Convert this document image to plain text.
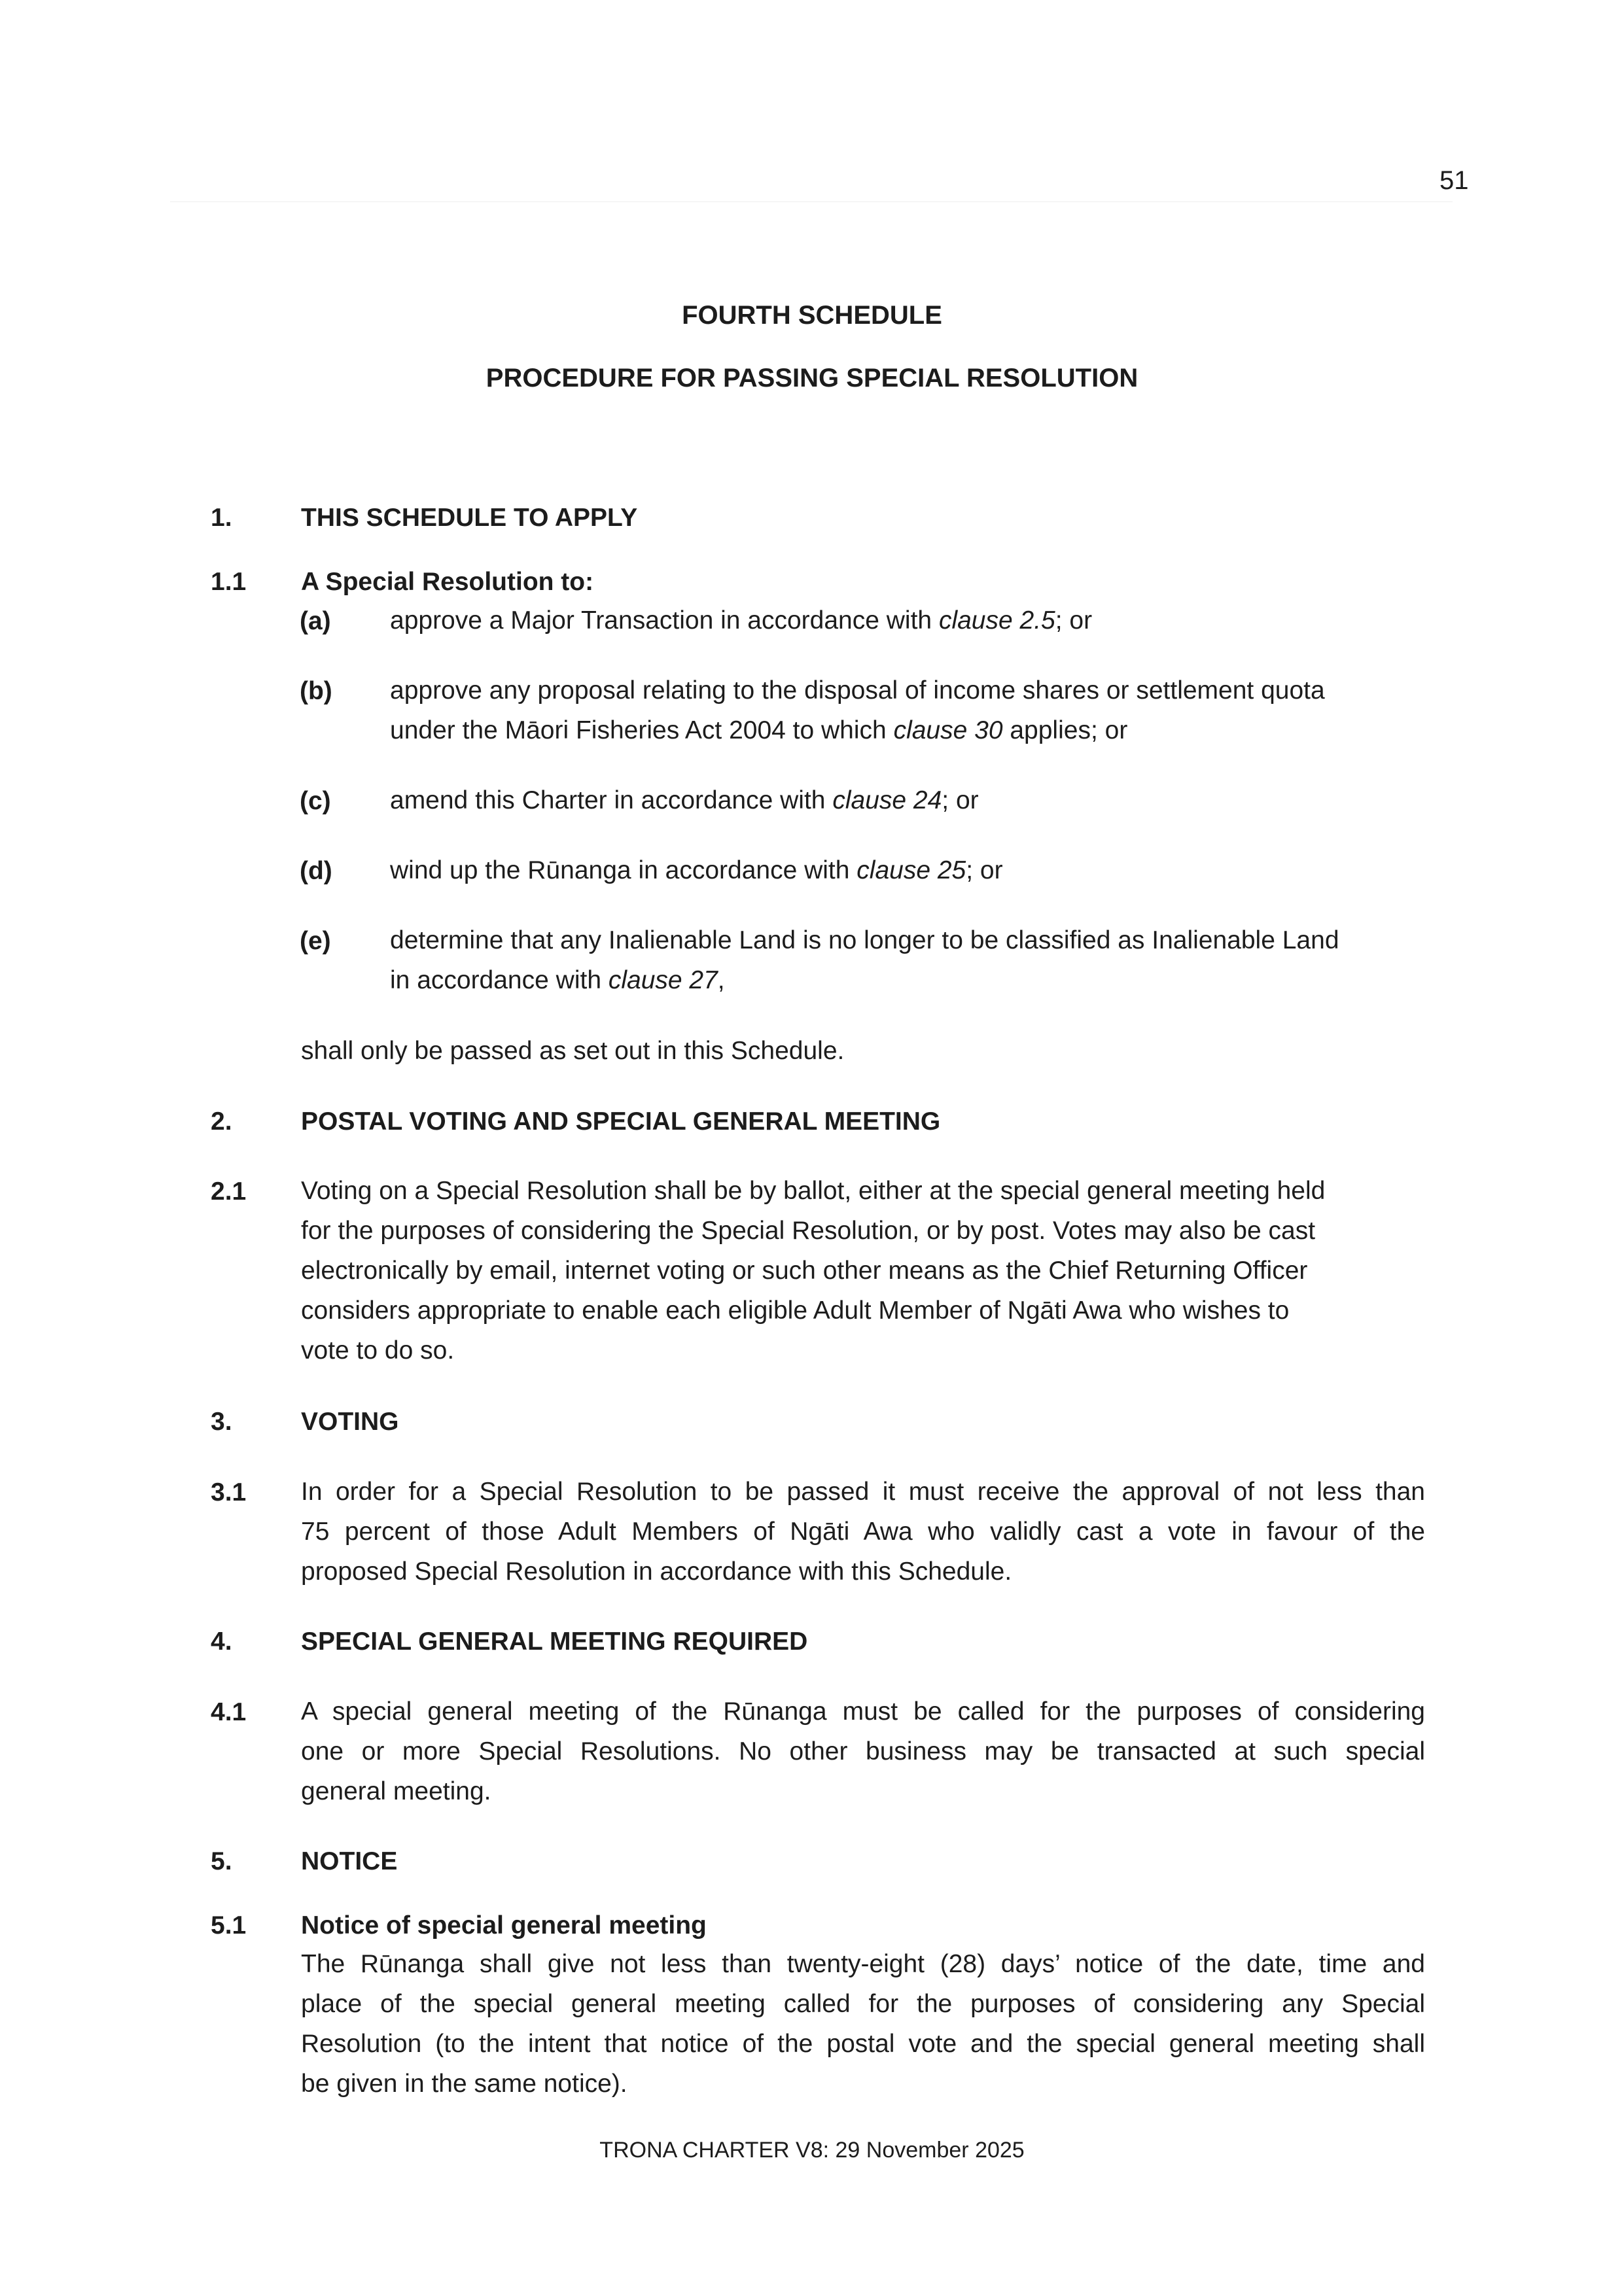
51
FOURTH SCHEDULE
PROCEDURE FOR PASSING SPECIAL RESOLUTION
1.	THIS SCHEDULE TO APPLY
1.1 A Special Resolution to:
(a) approve a Major Transaction in accordance with clause 2.5; or
(b) approve any proposal relating to the disposal of income shares or settlement quota
under the Māori Fisheries Act 2004 to which clause 30 applies; or
(c) amend this Charter in accordance with clause 24; or
(d) wind up the Rūnanga in accordance with clause 25; or
(e) determine that any Inalienable Land is no longer to be classified as Inalienable Land
in accordance with clause 27,
shall only be passed as set out in this Schedule.
2.	POSTAL VOTING AND SPECIAL GENERAL MEETING
2.1 Voting on a Special Resolution shall be by ballot, either at the special general meeting held
for the purposes of considering the Special Resolution, or by post. Votes may also be cast
electronically by email, internet voting or such other means as the Chief Returning Officer
considers appropriate to enable each eligible Adult Member of Ngāti Awa who wishes to
vote to do so.
3.	VOTING
3.1 In order for a Special Resolution to be passed it must receive the approval of not less than
75 percent of those Adult Members of Ngāti Awa who validly cast a vote in favour of the
proposed Special Resolution in accordance with this Schedule.
4.	SPECIAL GENERAL MEETING REQUIRED
4.1 A special general meeting of the Rūnanga must be called for the purposes of considering
one or more Special Resolutions. No other business may be transacted at such special
general meeting.
5.	NOTICE
5.1 Notice of special general meeting
The Rūnanga shall give not less than twenty-eight (28) days’ notice of the date, time and
place of the special general meeting called for the purposes of considering any Special
Resolution (to the intent that notice of the postal vote and the special general meeting shall
be given in the same notice).
TRONA CHARTER V8: 29 November 2025
